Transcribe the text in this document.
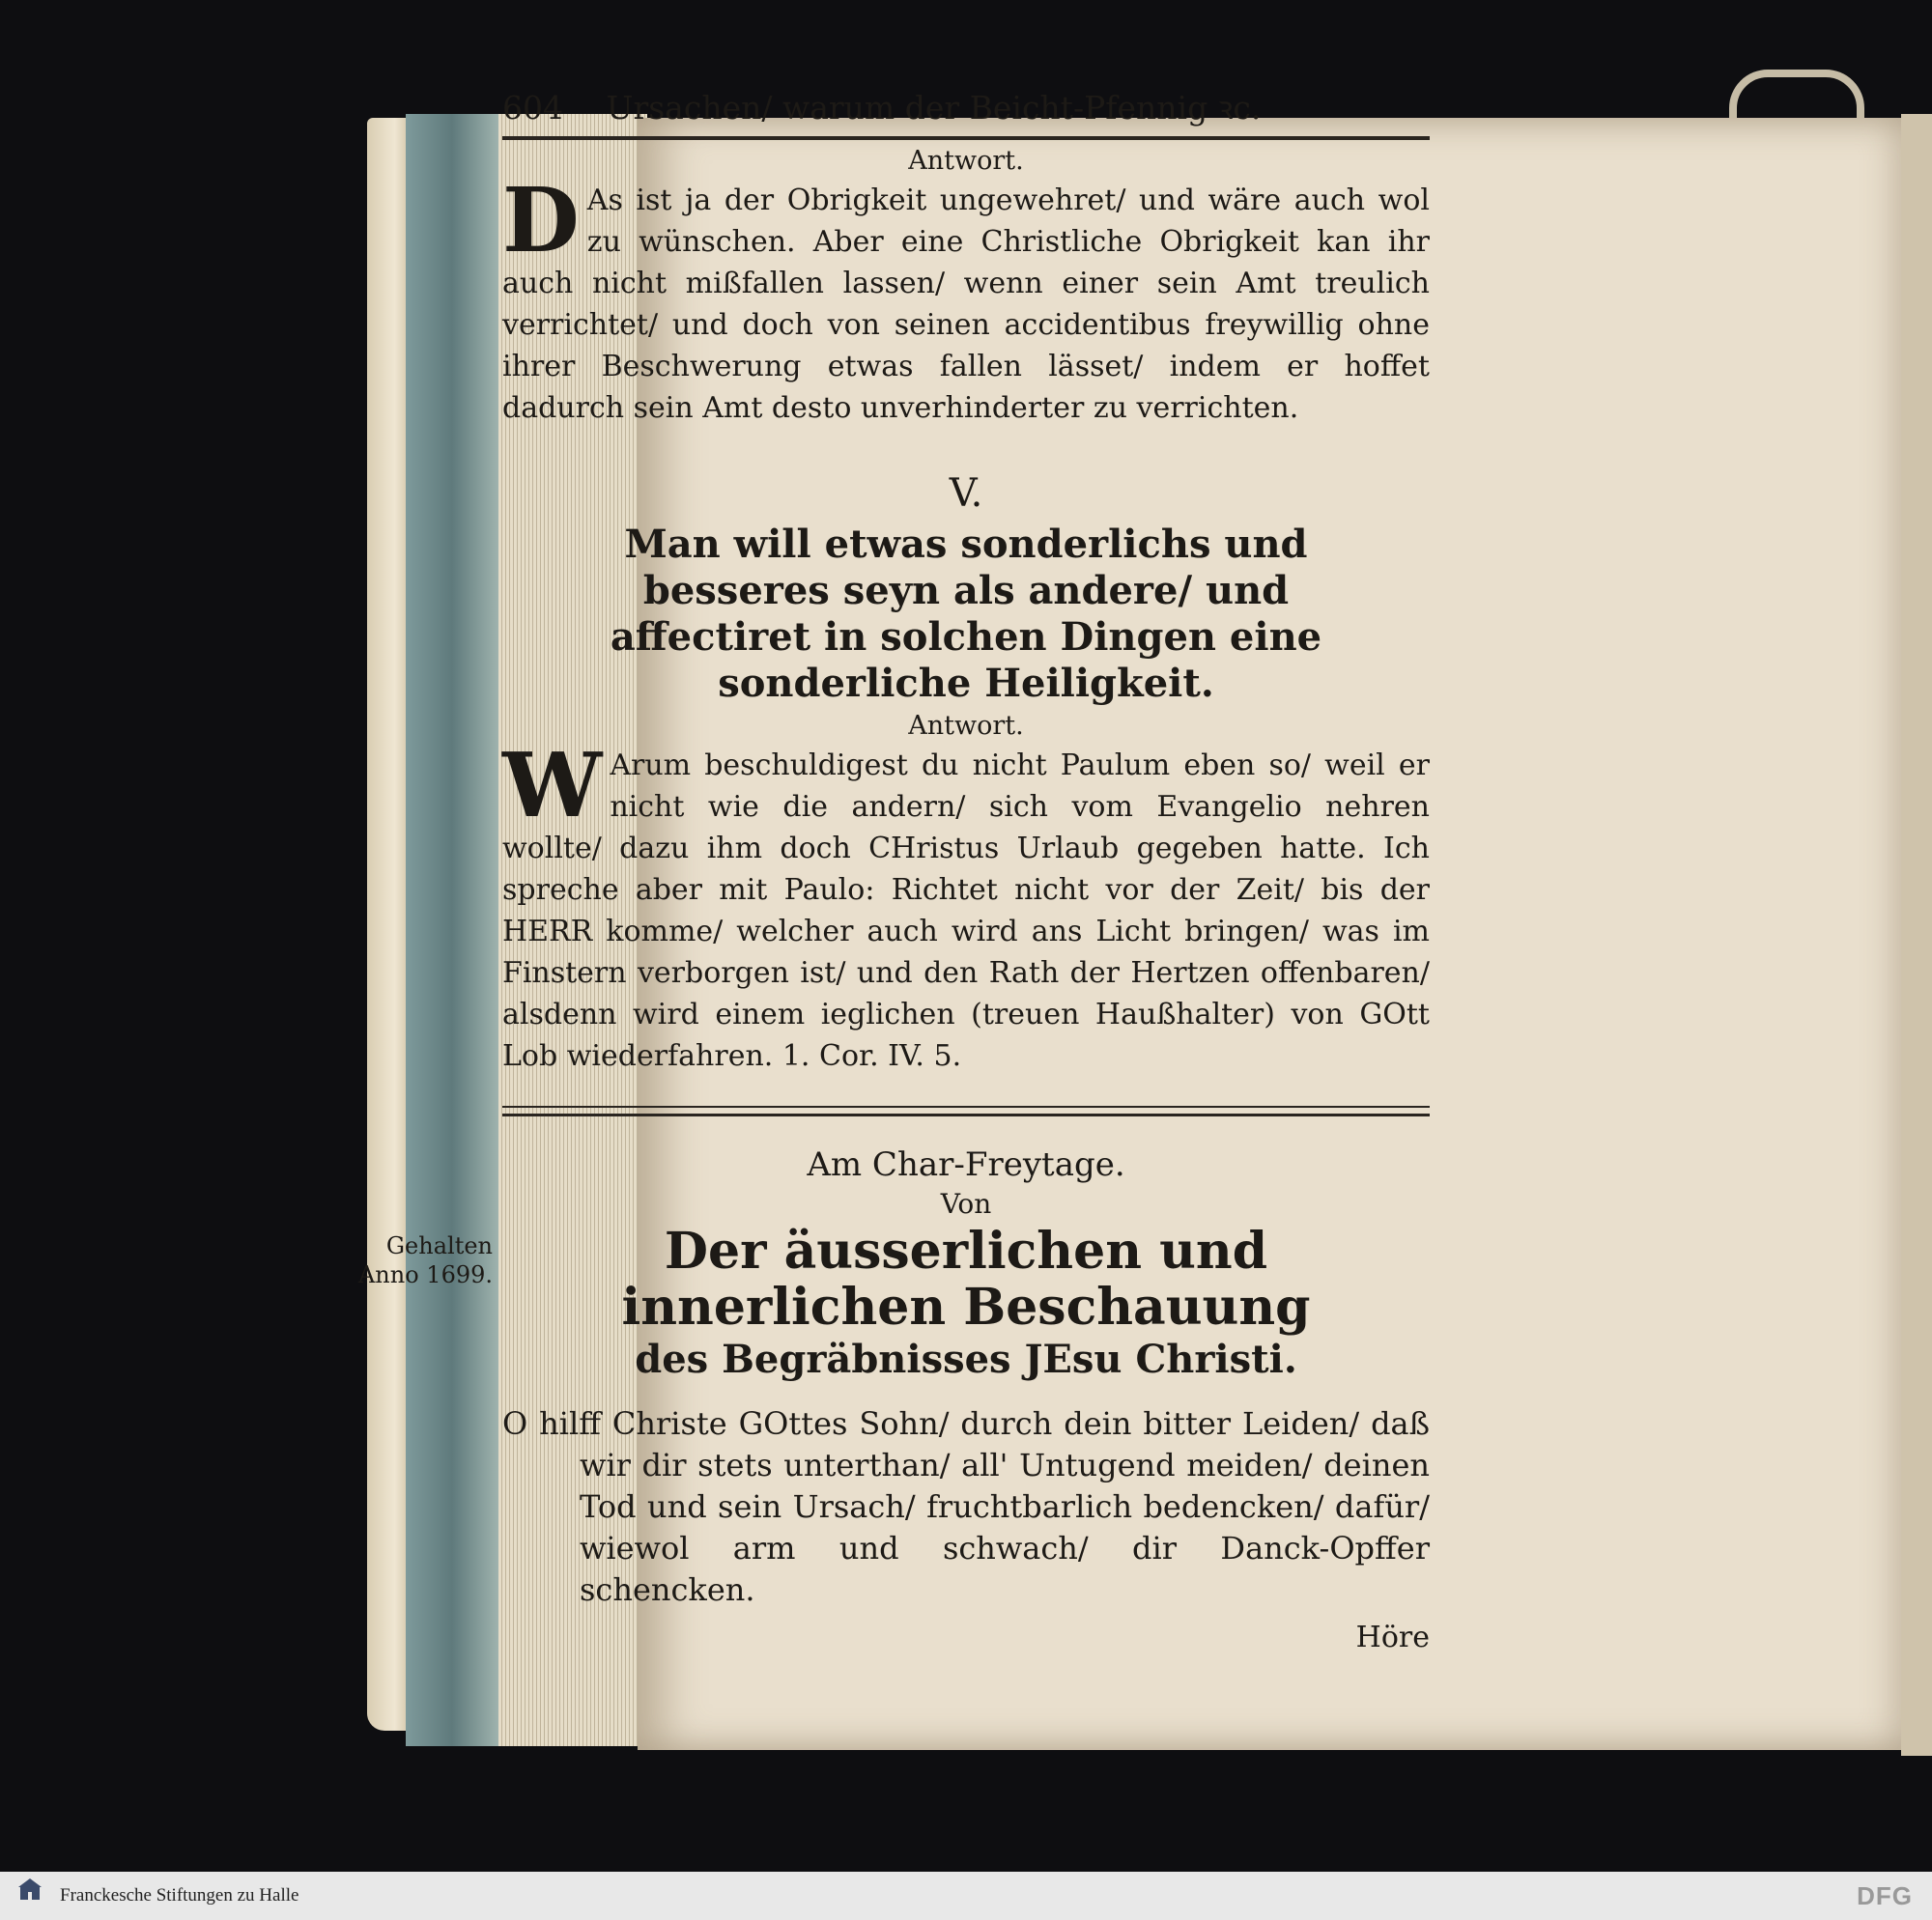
604	Ursachen/ warum der Beicht-Pfennig ꝛc.
Antwort.

D As ist ja der Obrigkeit ungewehret/ und wäre auch wol zu wünschen. Aber eine Christliche Obrigkeit kan ihr auch nicht mißfallen lassen/ wenn einer sein Amt treulich verrichtet/ und doch von seinen accidentibus freywillig ohne ihrer Beschwerung etwas fallen lässet/ indem er hoffet dadurch sein Amt desto unverhinderter zu verrichten.

V.
Man will etwas sonderlichs und besseres seyn als andere/ und affectiret in solchen Dingen eine sonderliche Heiligkeit.
Antwort.

W Arum beschuldigest du nicht Paulum eben so/ weil er nicht wie die andern/ sich vom Evangelio nehren wollte/ dazu ihm doch CHristus Urlaub gegeben hatte. Ich spreche aber mit Paulo: Richtet nicht vor der Zeit/ bis der HERR komme/ welcher auch wird ans Licht bringen/ was im Finstern verborgen ist/ und den Rath der Hertzen offenbaren/ alsdenn wird einem ieglichen (treuen Haußhalter) von GOtt Lob wiederfahren. 1. Cor. IV. 5.

Am Char-Freytage.
Von
Gehalten Anno 1699.	Der äusserlichen und innerlichen Beschauung
des Begräbnisses JEsu Christi.

O hilff Christe GOttes Sohn/ durch dein bitter Leiden/ daß wir dir stets unterthan/ all' Untugend meiden/ deinen Tod und sein Ursach/ fruchtbarlich bedencken/ dafür/ wiewol arm und schwach/ dir Danck-Opffer schencken.

Höre
Franckesche Stiftungen zu Halle	DFG
